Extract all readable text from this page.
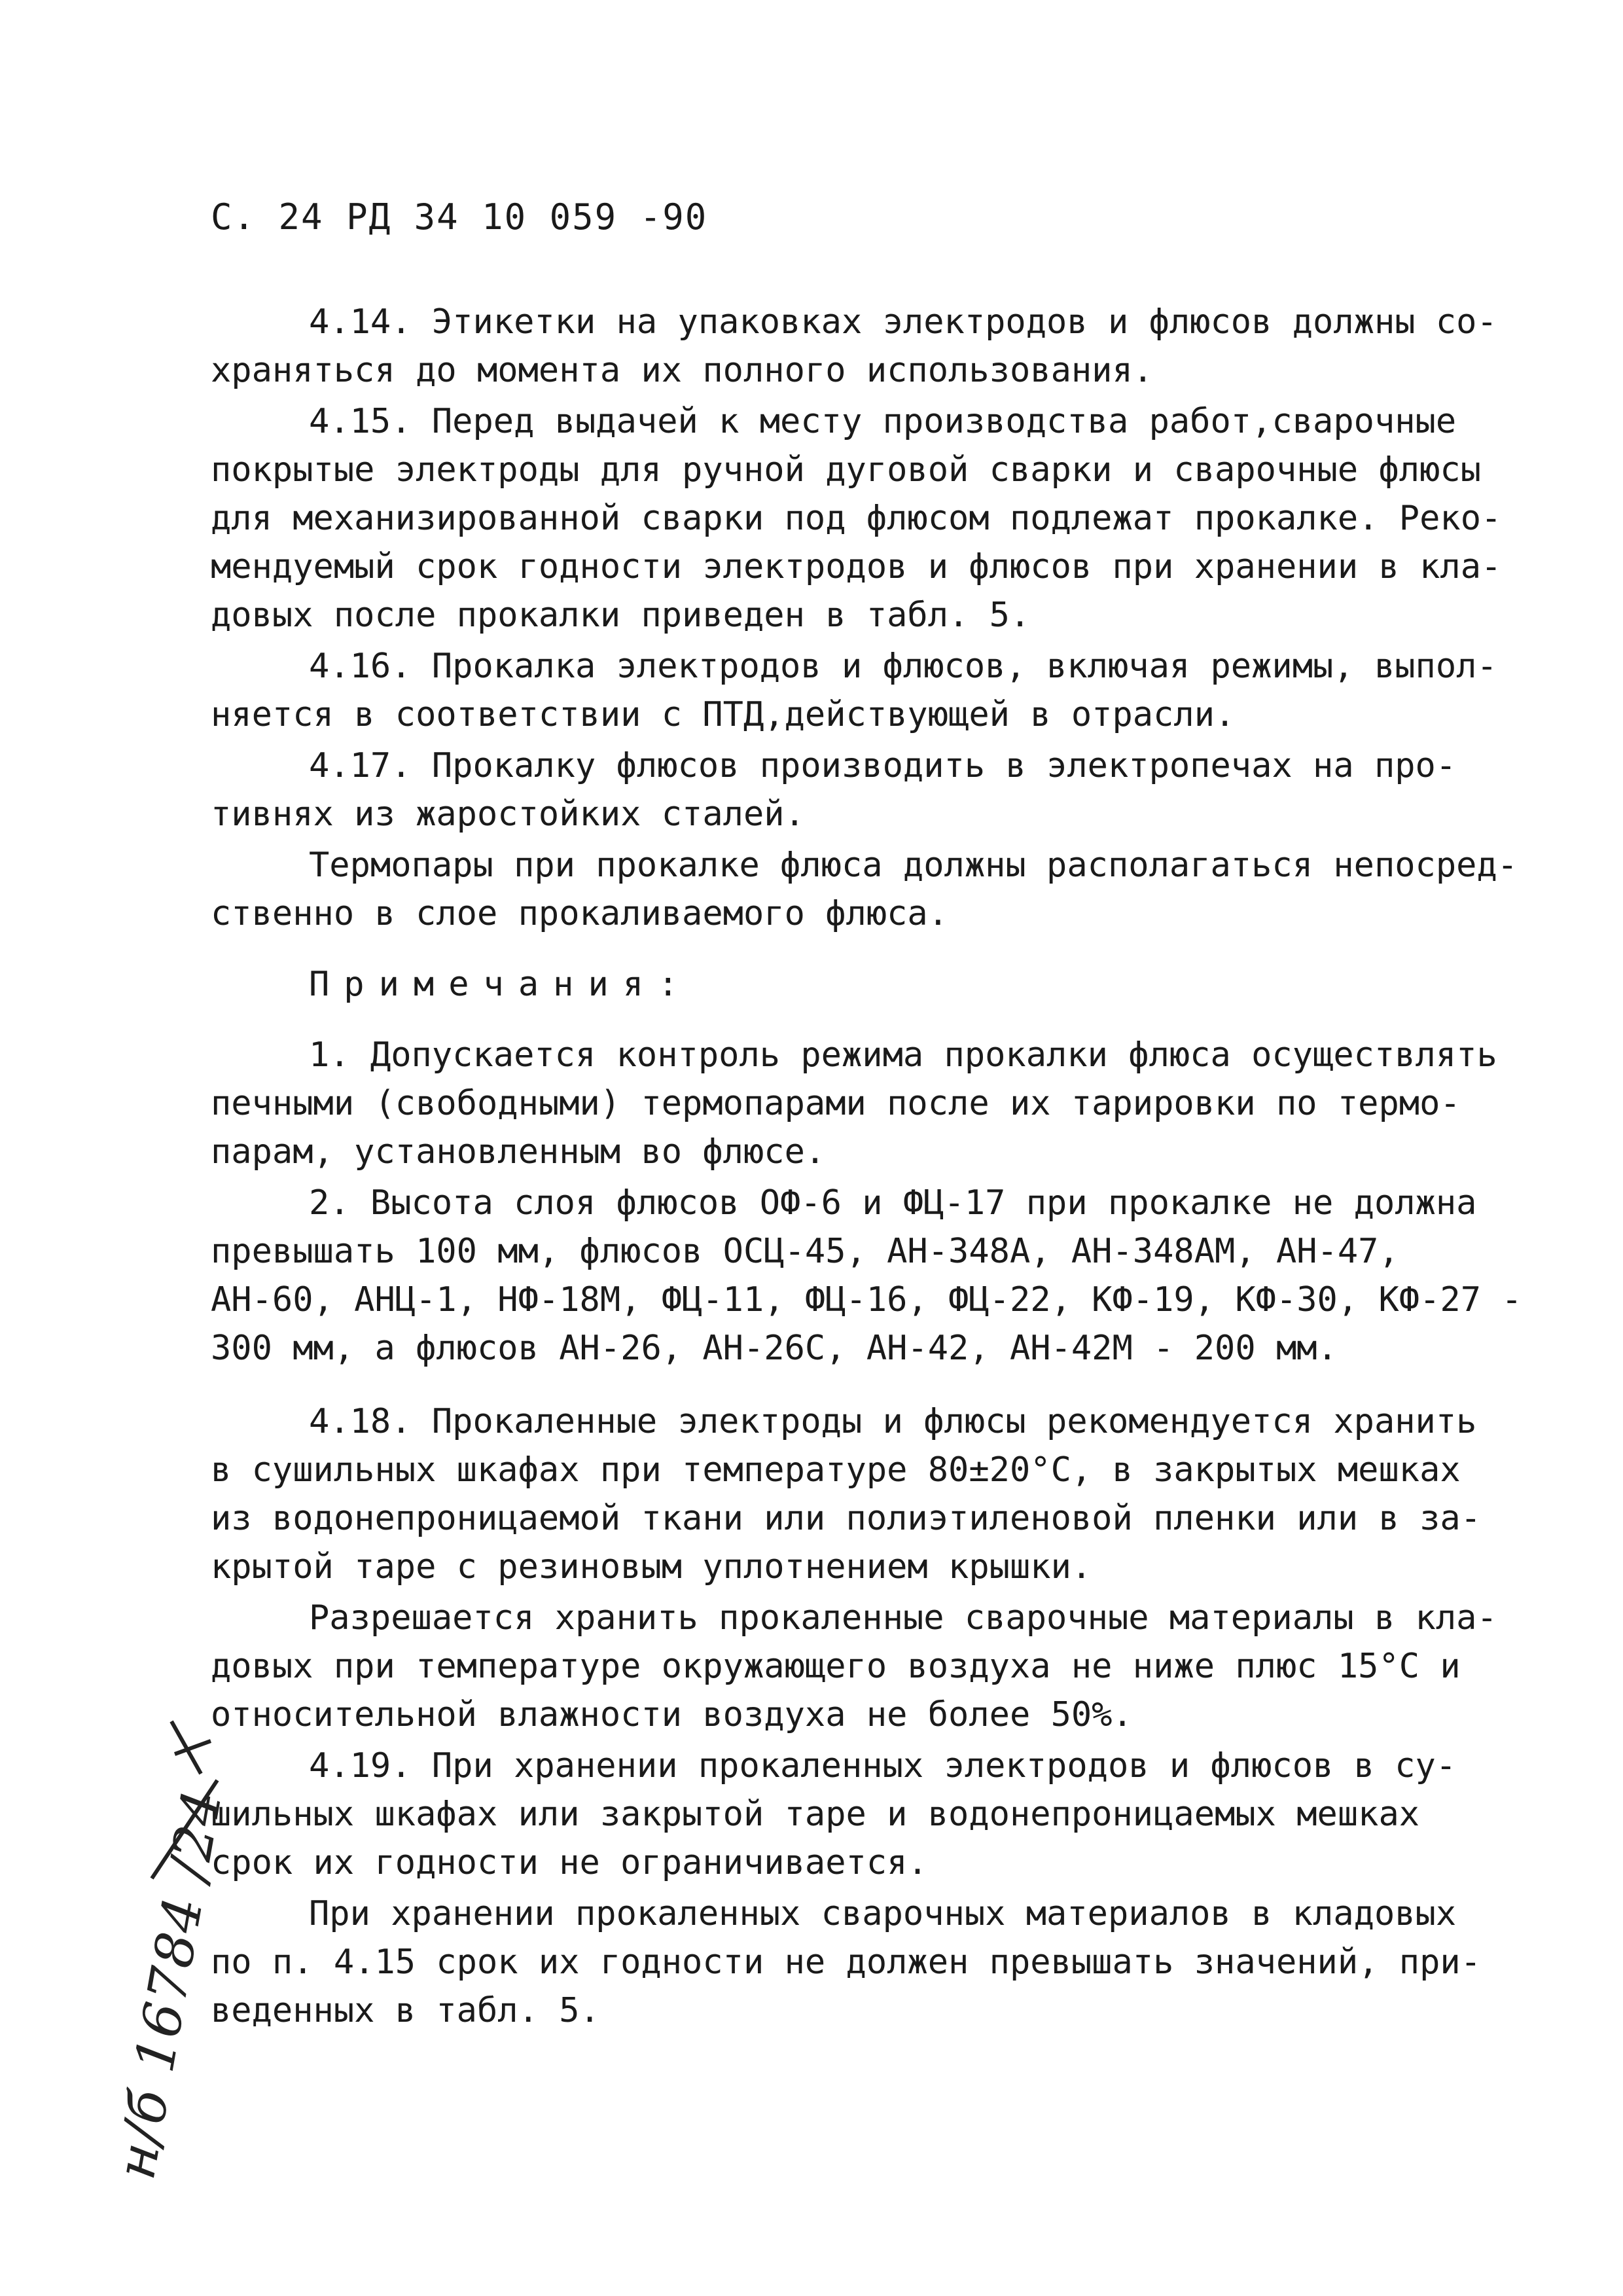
С. 24 РД 34 10 059 -90
4.14. Этикетки на упаковках электродов и флюсов должны со-
храняться до момента их полного использования.
4.15. Перед выдачей к месту производства работ,сварочные
покрытые электроды для ручной дуговой сварки и сварочные флюсы
для механизированной сварки под флюсом подлежат прокалке. Реко-
мендуемый срок годности электродов и флюсов при хранении в кла-
довых после прокалки приведен в табл. 5.
4.16. Прокалка электродов и флюсов, включая режимы, выпол-
няется в соответствии с ПТД,действующей в отрасли.
4.17. Прокалку флюсов производить в электропечах на про-
тивнях из жаростойких сталей.
Термопары при прокалке флюса должны располагаться непосред-
ственно в слое прокаливаемого флюса.
Примечания:
1. Допускается контроль режима прокалки флюса осуществлять
печными (свободными) термопарами после их тарировки по термо-
парам, установленным во флюсе.
2. Высота слоя флюсов ОФ-6 и ФЦ-17 при прокалке не должна
превышать 100 мм, флюсов ОСЦ-45, АН-348А, АН-348АМ, АН-47,
АН-60, АНЦ-1, НФ-18М, ФЦ-11, ФЦ-16, ФЦ-22, КФ-19, КФ-30, КФ-27 -
300 мм, а флюсов АН-26, АН-26С, АН-42, АН-42М - 200 мм.
4.18. Прокаленные электроды и флюсы рекомендуется хранить
в сушильных шкафах при температуре 80±20°С, в закрытых мешках
из водонепроницаемой ткани или полиэтиленовой пленки или в за-
крытой таре с резиновым уплотнением крышки.
Разрешается хранить прокаленные сварочные материалы в кла-
довых при температуре окружающего воздуха не ниже плюс 15°С и
относительной влажности воздуха не более 50%.
4.19. При хранении прокаленных электродов и флюсов в су-
шильных шкафах или закрытой таре и водонепроницаемых мешках
срок их годности не ограничивается.
При хранении прокаленных сварочных материалов в кладовых
по п. 4.15 срок их годности не должен превышать значений, при-
веденных в табл. 5.
н/б 16784 /24
